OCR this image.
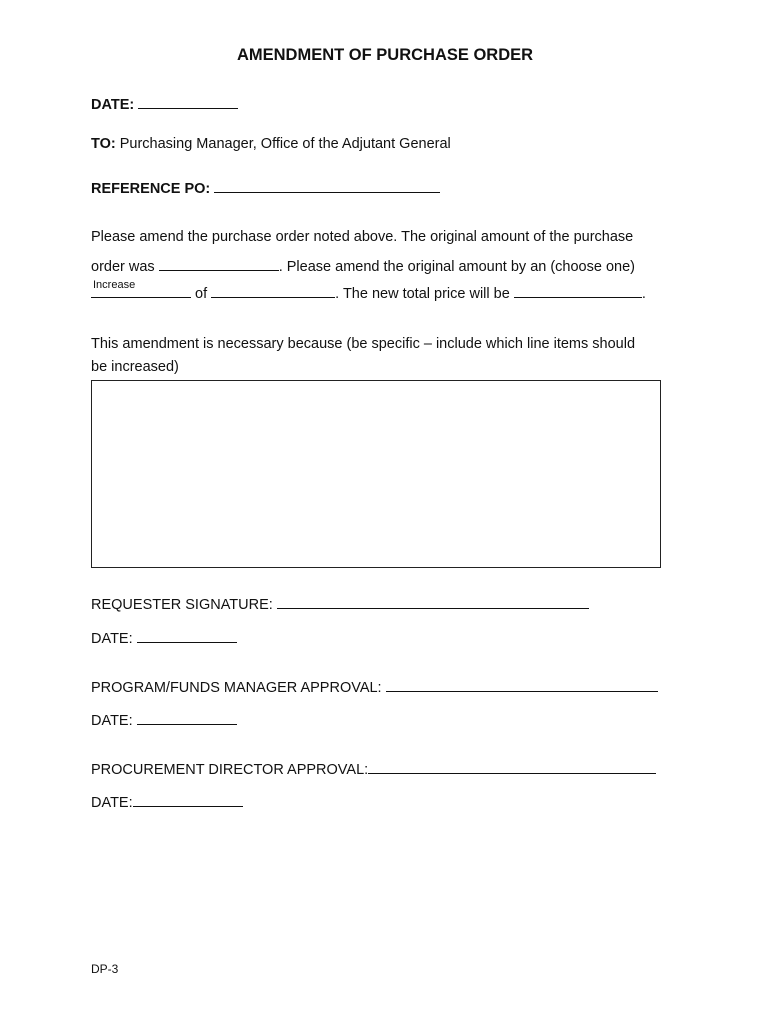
AMENDMENT OF PURCHASE ORDER
DATE:
TO: Purchasing Manager, Office of the Adjutant General
REFERENCE PO:
Please amend the purchase order noted above. The original amount of the purchase
order was	. Please amend the original amount by an (choose one)
Increase
of	. The new total price will be	.
This amendment is necessary because (be specific – include which line items should
be increased)
REQUESTER SIGNATURE:
DATE:
PROGRAM/FUNDS MANAGER APPROVAL:
DATE:
PROCUREMENT DIRECTOR APPROVAL:
DATE:
DP-3
